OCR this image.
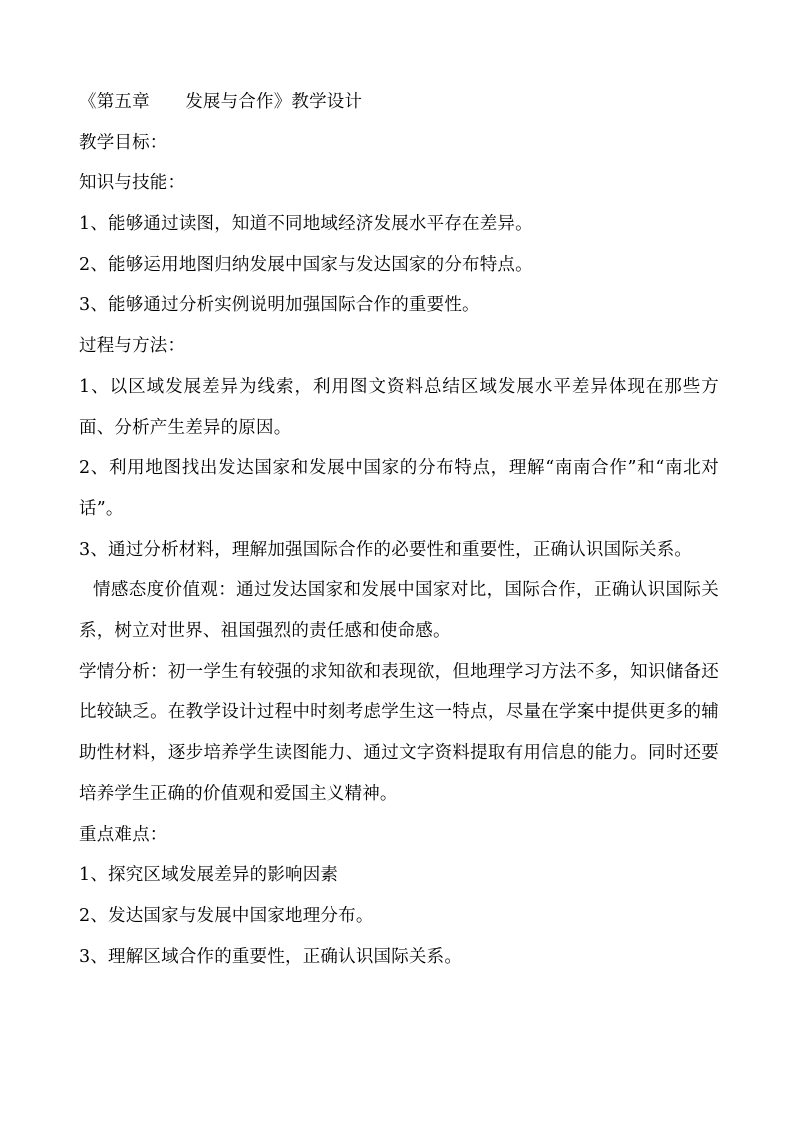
《第五章　　发展与合作》教学设计
教学目标：
知识与技能：
1、能够通过读图，知道不同地域经济发展水平存在差异。
2、能够运用地图归纳发展中国家与发达国家的分布特点。
3、能够通过分析实例说明加强国际合作的重要性。
过程与方法：
1、以区域发展差异为线索，利用图文资料总结区域发展水平差异体现在那些方面、分析产生差异的原因。
2、利用地图找出发达国家和发展中国家的分布特点，理解“南南合作”和“南北对话”。
3、通过分析材料，理解加强国际合作的必要性和重要性，正确认识国际关系。
情感态度价值观：通过发达国家和发展中国家对比，国际合作，正确认识国际关系，树立对世界、祖国强烈的责任感和使命感。
学情分析：初一学生有较强的求知欲和表现欲，但地理学习方法不多，知识储备还比较缺乏。在教学设计过程中时刻考虑学生这一特点，尽量在学案中提供更多的辅助性材料，逐步培养学生读图能力、通过文字资料提取有用信息的能力。同时还要培养学生正确的价值观和爱国主义精神。
重点难点：
1、探究区域发展差异的影响因素
2、发达国家与发展中国家地理分布。
3、理解区域合作的重要性，正确认识国际关系。
